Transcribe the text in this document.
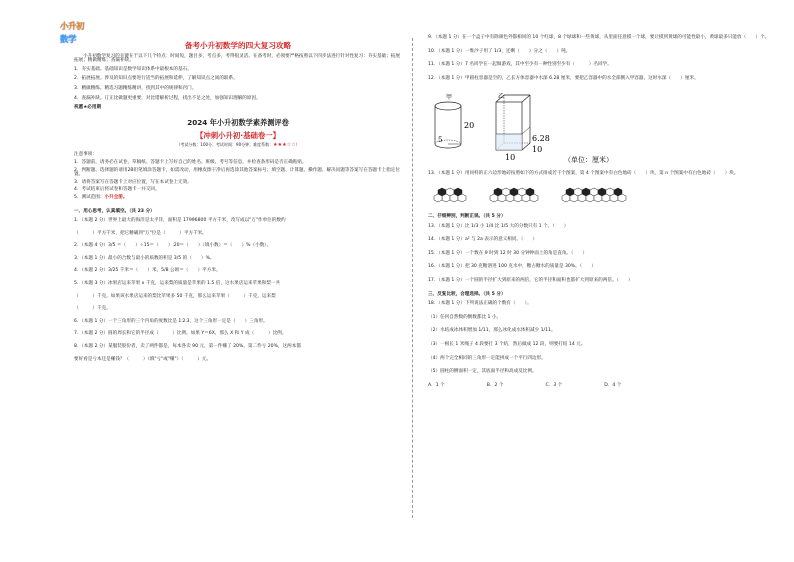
小升初
数学
备考小升初数学的四大复习攻略

小升初数学复习的关键在于以下几个特点：时间短，题目多，考点多，考得很灵活。在备考时，必须要严格按照以下四步法进行针对性复习：夯实基础；拓展拓展；精做精练；查漏补缺。

1．夯实基础。基础知识是数学知识体系中最根本的基石。

2．拓展拓展。涉及的知识点要进行适当的拓展和延伸，了解知识点之间的联系。

3．精做精练。精选习题精练精讲，找到其中的规律和窍门。

4．查漏补缺。订正比做题更重要，对比错解析过程，找出不足之处，加强知识理解的原因。

祝愿★必用期

2024 年小升初数学素养测评卷
【冲刺小升初·基础卷一】
（考试分数：100分；考试时间：90分钟；难度系数：★★★☆☆）

注意事项：

1．答题前，请务必在试卷、草稿纸、答题卡上写好自己的姓名、班级、考号等信息，并检查条形码是否正确粘贴。

2．判断题、选择题的请用2B铅笔填涂答题卡，如需改动，用橡皮擦干净后再选涂其他答案标号；填空题、计算题、操作题、解决问题等答案写在答题卡上指定位置。

3．请将答案写在答题卡上对应位置，写在本试卷上无效。

4．考试结束后将试卷和答题卡一并交回。

5．测试范围：小升全册。

一、用心思考，认真填空。（共 23 分）

1．（本题 2 分）世界上最大的海洋是太平洋，面积是 17996800 平方千米，改写成以"万"作单位的数约

（　　　）平方千米，把它精确到"万"位是（　　　）平方千米。

2．（本题 4 分）3/5 ＝（　　）÷15＝（　　）∶20＝（　　）（填小数）＝（　　）%（小数）。

3．（本题 1 分）最小的合数与最小的质数的积是 3/5 的（　　）%。

4．（本题 2 分）3/25 千米＝（　　）米，5/8 公顷＝（　　）平方米。

5．（本题 3 分）冰果店运来苹果 x 千克，运来梨的质量是苹果的 1.5 倍，这水果店运来苹果和梨一共

（　　　）千克。如果该水果店运来的梨比苹果多 50 千克，那么运来苹果（　　　）千克，运来梨

（　　　）千克。

6．（本题 1 分）一个三角形的三个内角的度数比是 1∶2∶3，这个三角形一定是（　　）三角形。

7．（本题 2 分）圆的周长和它的半径成（　　　）比例。如果 Y＝6X，那么 X 和 Y 成（　　　）比例。

8．（本题 2 分）某服装股份者，卖了两件都是，每本各卖 90 元，第一件赚了 20%，第二件亏 20%，这两本都

要好看是亏本还是赚钱？（　　　）（填"亏"或"赚"）（　　　）元。

9．（本题 1 分）在一个盒子中有除颜色外都相同的 10 个红球，8 个绿球和一些黄球，从里面任意摸一个球，要让摸到黄球的可能性最小，黄球最多只能放（　　）个。

10．（本题 1 分）一堆沙子用了 1/3，还剩（　　）分之（　　）吨。

11．（本题 1 分）7 名同学在一起做游戏，其中至少有一种性别至少有（　　　）名同学。

12．（本题 1 分）甲圆柱容器是空的，乙长方体容器中水深 6.28 厘米，要把乙容器中的水全部倒入甲容器，这时水深（　　）厘米。

甲
20
5
乙
6.28
10
10	（单位：厘米）

13．（本题 1 分）用同样的正六边形地砖按照如下的方式排成若干个图案，第 4 个图案中有白色地砖（　　）块，第 n 个图案中有白色地砖（　　）块。

二、仔细辨别，判断正误。（共 5 分）

13．（本题 1 分）比 1/3 小 1/4 比 1/5 大的分数只有 1 个。（　　）

14．（本题 1 分）a² 与 2a 表示的意义相同。（　　）

15．（本题 1 分）一个数在 9 时到 12 时 30 分钟钟面上的角是直角。（　　）

16．（本题 1 分）把 30 克糖溶进 100 克水中，糖占糖水的质量是 30%。（　　）

17．（本题 1 分）一个圆的半径扩大到原来的两倍，它的半径和面积也都扩大到原来的两倍。（　　）

三、反复比较，合理选择。（共 5 分）

18．（本题 1 分）下列说法正确的个数有（　　）。

（1）任何自然数的倒数都比 1 小。

（2）水结成冰体积增加 1/11，那么冰化成水体积减少 1/11。

（3）一根长 1 米绳子 4 段要打 3 个结，然后做成 12 段，则要打结 14 元。

（4）两个完全相同的三角形一定能拼成一个平行四边形。

（5）圆柱的侧面积一定，其底面半径和高成反比例。

A．1 个	B．2 个	C．3 个	D．4 个
